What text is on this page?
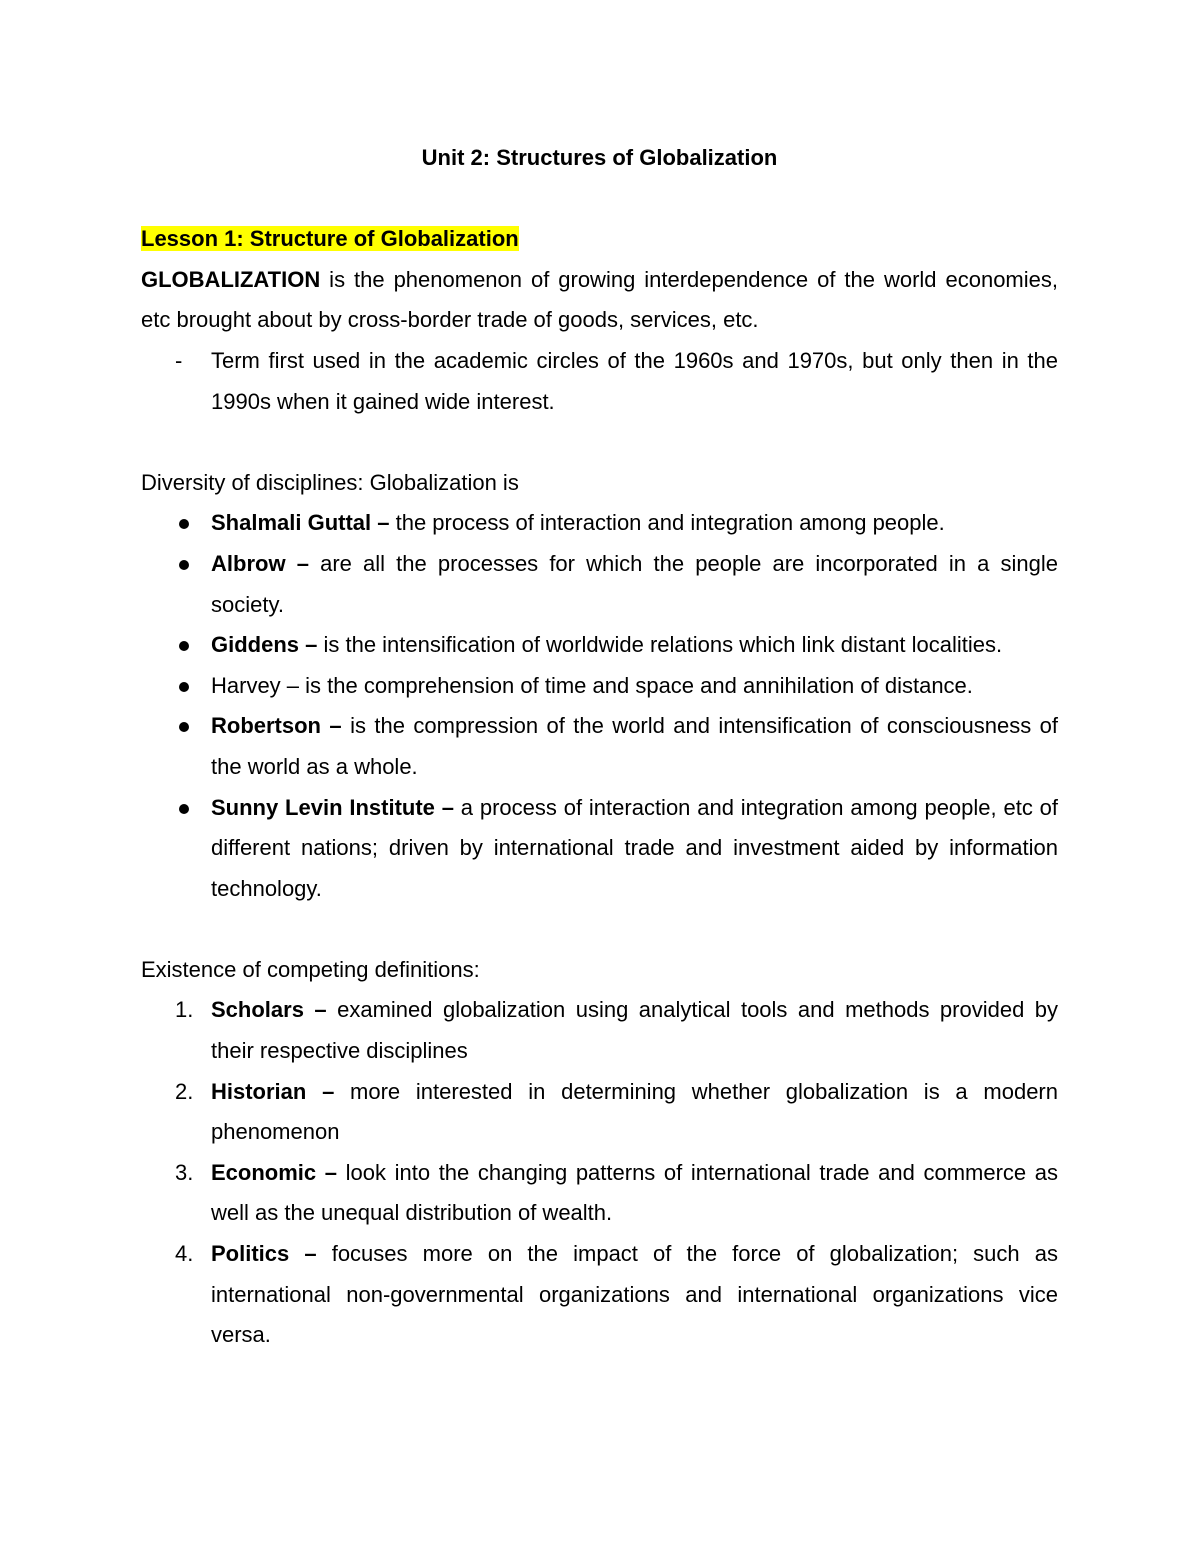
Unit 2: Structures of Globalization

Lesson 1: Structure of Globalization

GLOBALIZATION is the phenomenon of growing interdependence of the world economies, etc brought about by cross-border trade of goods, services, etc.

- Term first used in the academic circles of the 1960s and 1970s, but only then in the 1990s when it gained wide interest.

Diversity of disciplines: Globalization is

Shalmali Guttal – the process of interaction and integration among people.

Albrow – are all the processes for which the people are incorporated in a single society.

Giddens – is the intensification of worldwide relations which link distant localities.

Harvey – is the comprehension of time and space and annihilation of distance.

Robertson – is the compression of the world and intensification of consciousness of the world as a whole.

Sunny Levin Institute – a process of interaction and integration among people, etc of different nations; driven by international trade and investment aided by information technology.

Existence of competing definitions:

1. Scholars – examined globalization using analytical tools and methods provided by their respective disciplines

2. Historian – more interested in determining whether globalization is a modern phenomenon

3. Economic – look into the changing patterns of international trade and commerce as well as the unequal distribution of wealth.

4. Politics – focuses more on the impact of the force of globalization; such as international non-governmental organizations and international organizations vice versa.
